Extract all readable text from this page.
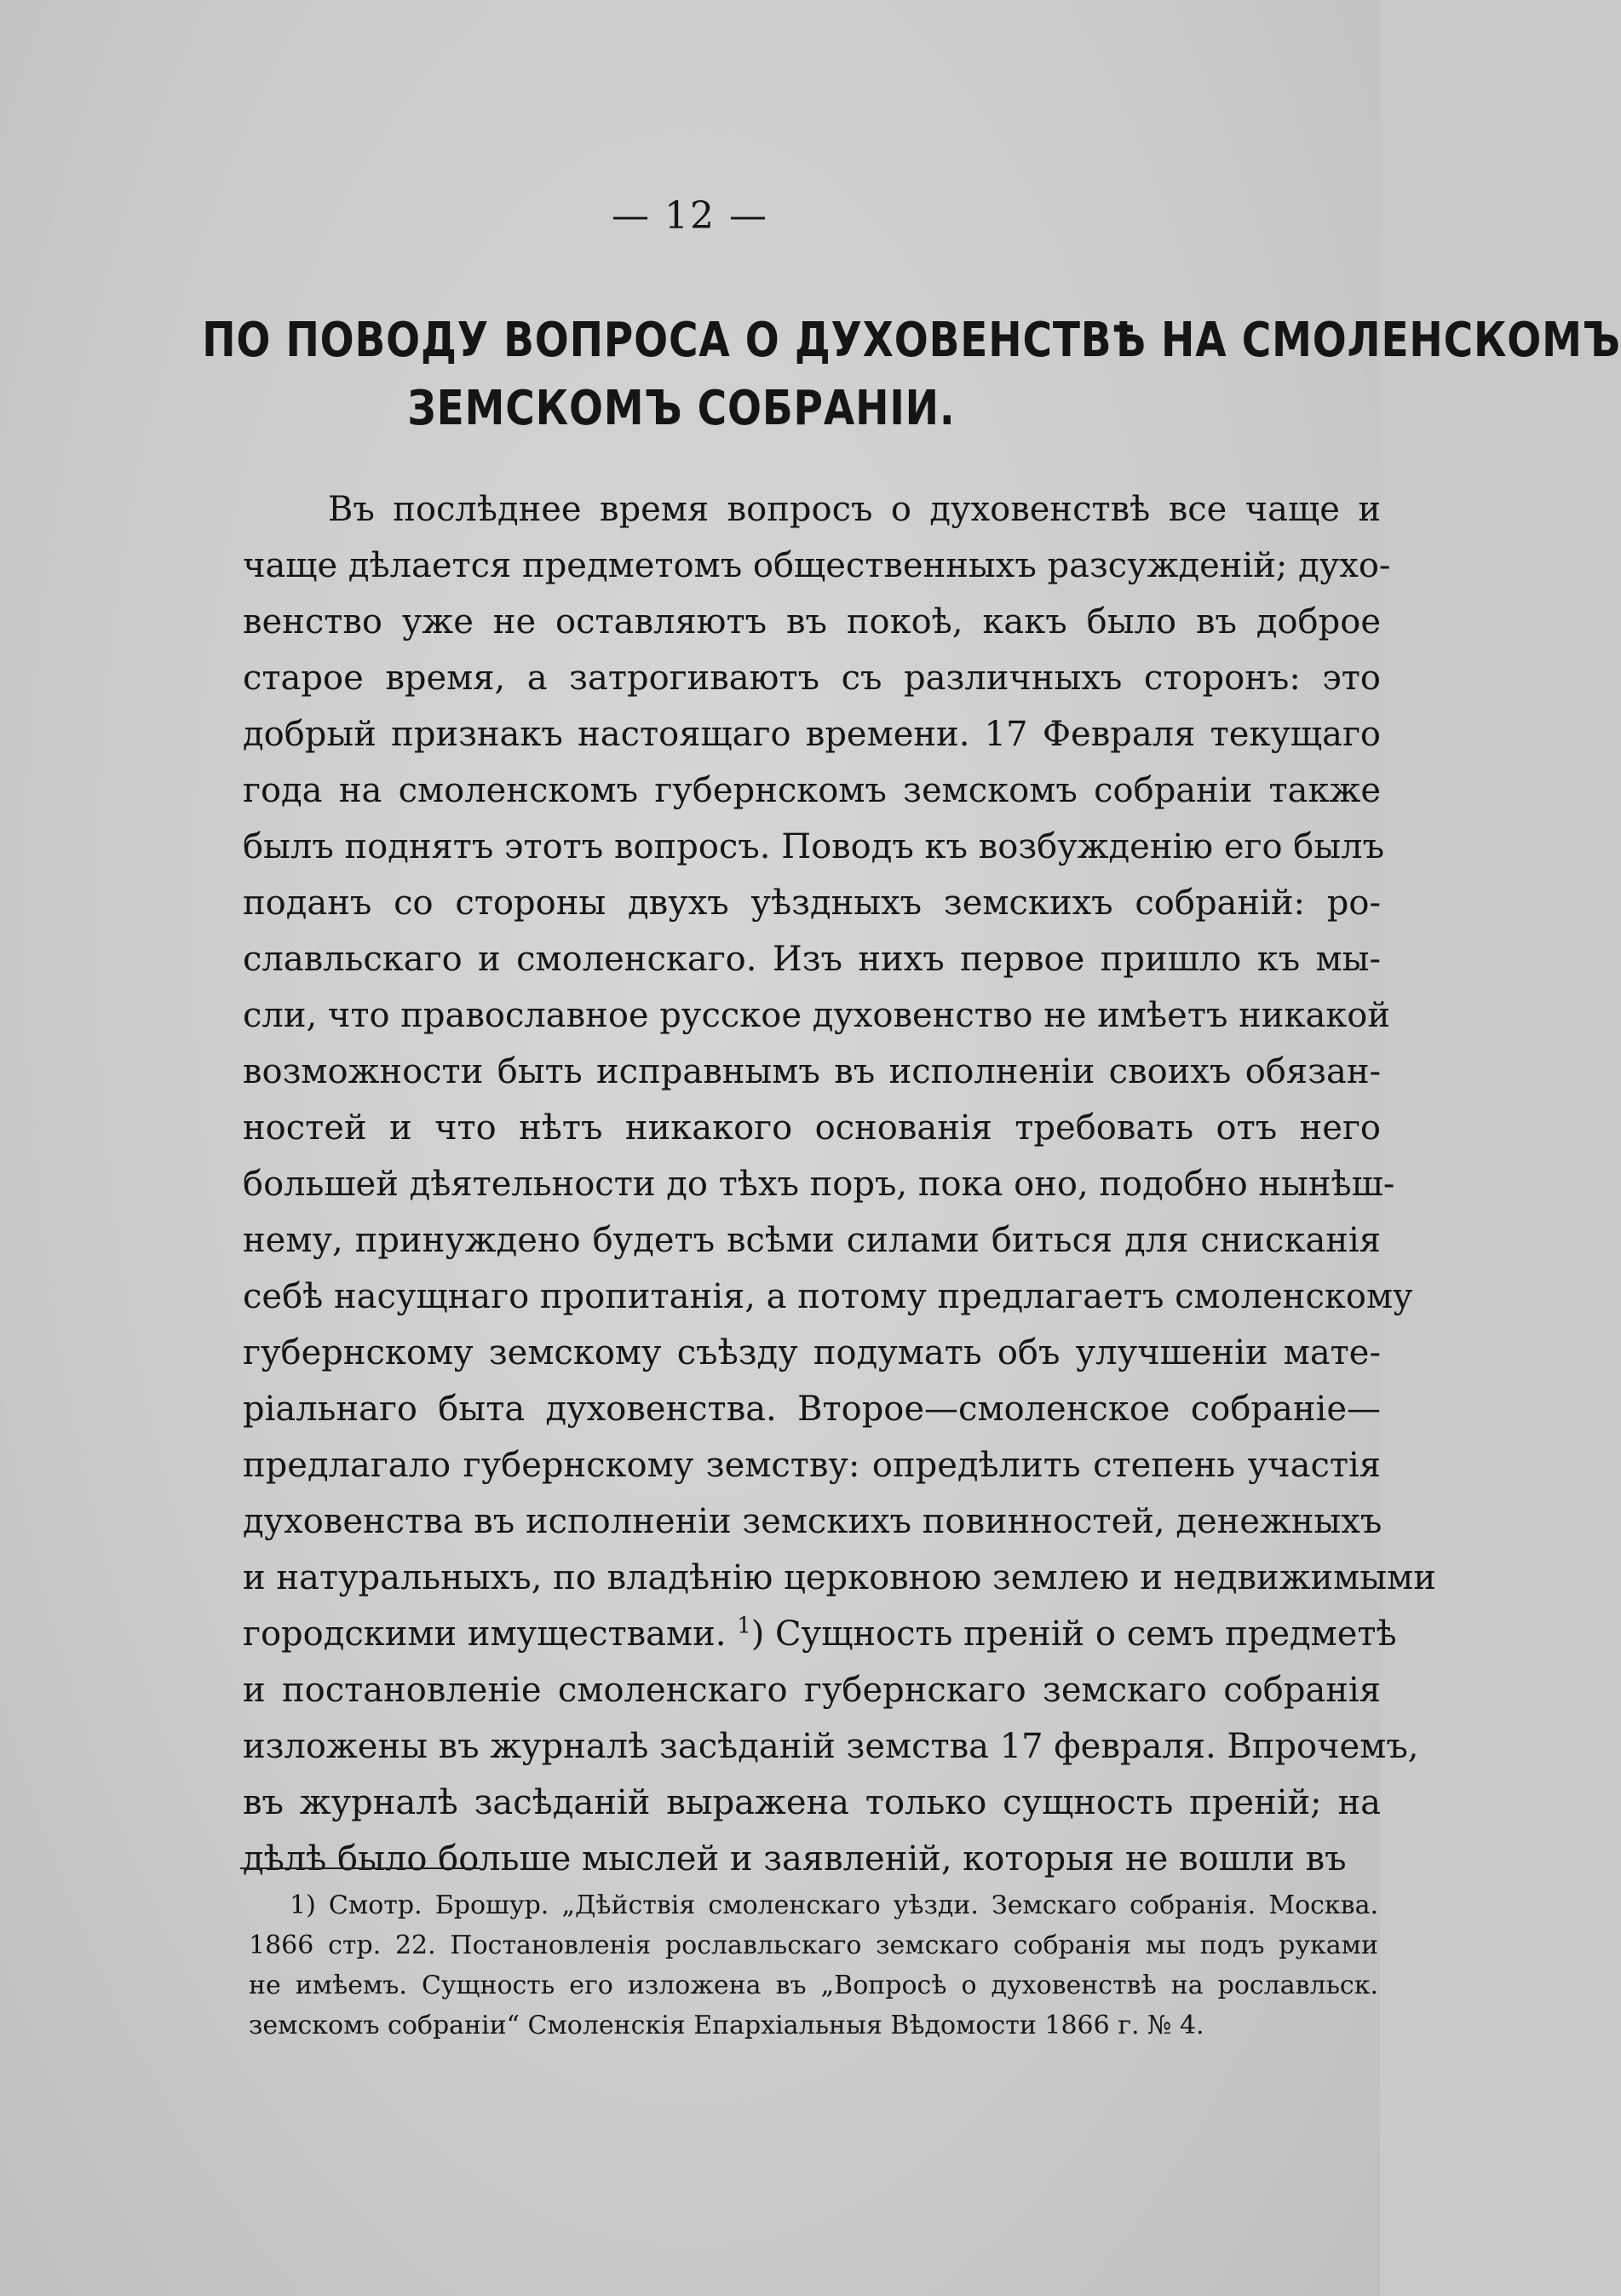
— 12 —
ПО ПОВОДУ ВОПРОСА О ДУХОВЕНСТВѢ НА СМОЛЕНСКОМЪ
ЗЕМСКОМЪ СОБРАНІИ.
Въ послѣднее время вопросъ о духовенствѣ все чаще и
чаще дѣлается предметомъ общественныхъ разсужденій; духо-
венство уже не оставляютъ въ покоѣ, какъ было въ доброе
старое время, а затрогиваютъ съ различныхъ сторонъ: это
добрый признакъ настоящаго времени. 17 Февраля текущаго
года на смоленскомъ губернскомъ земскомъ собраніи также
былъ поднятъ этотъ вопросъ. Поводъ къ возбужденію его былъ
поданъ со стороны двухъ уѣздныхъ земскихъ собраній: ро-
славльскаго и смоленскаго. Изъ нихъ первое пришло къ мы-
сли, что православное русское духовенство не имѣетъ никакой
возможности быть исправнымъ въ исполненіи своихъ обязан-
ностей и что нѣтъ никакого основанія требовать отъ него
большей дѣятельности до тѣхъ поръ, пока оно, подобно нынѣш-
нему, принуждено будетъ всѣми силами биться для снисканія
себѣ насущнаго пропитанія, а потому предлагаетъ смоленскому
губернскому земскому съѣзду подумать объ улучшеніи мате-
ріальнаго быта духовенства. Второе—смоленское собраніе—
предлагало губернскому земству: опредѣлить степень участія
духовенства въ исполненіи земскихъ повинностей, денежныхъ
и натуральныхъ, по владѣнію церковною землею и недвижимыми
городскими имуществами. $^1$) Сущность преній о семъ предметѣ
и постановленіе смоленскаго губернскаго земскаго собранія
изложены въ журналѣ засѣданій земства 17 февраля. Впрочемъ,
въ журналѣ засѣданій выражена только сущность преній; на
дѣлѣ было больше мыслей и заявленій, которыя не вошли въ
1) Смотр. Брошур. „Дѣйствія смоленскаго уѣзди. Земскаго собранія. Москва.
1866 стр. 22. Постановленія рославльскаго земскаго собранія мы подъ руками
не имѣемъ. Сущность его изложена въ „Вопросѣ о духовенствѣ на рославльск.
земскомъ собраніи“ Смоленскія Епархіальныя Вѣдомости 1866 г. № 4.
